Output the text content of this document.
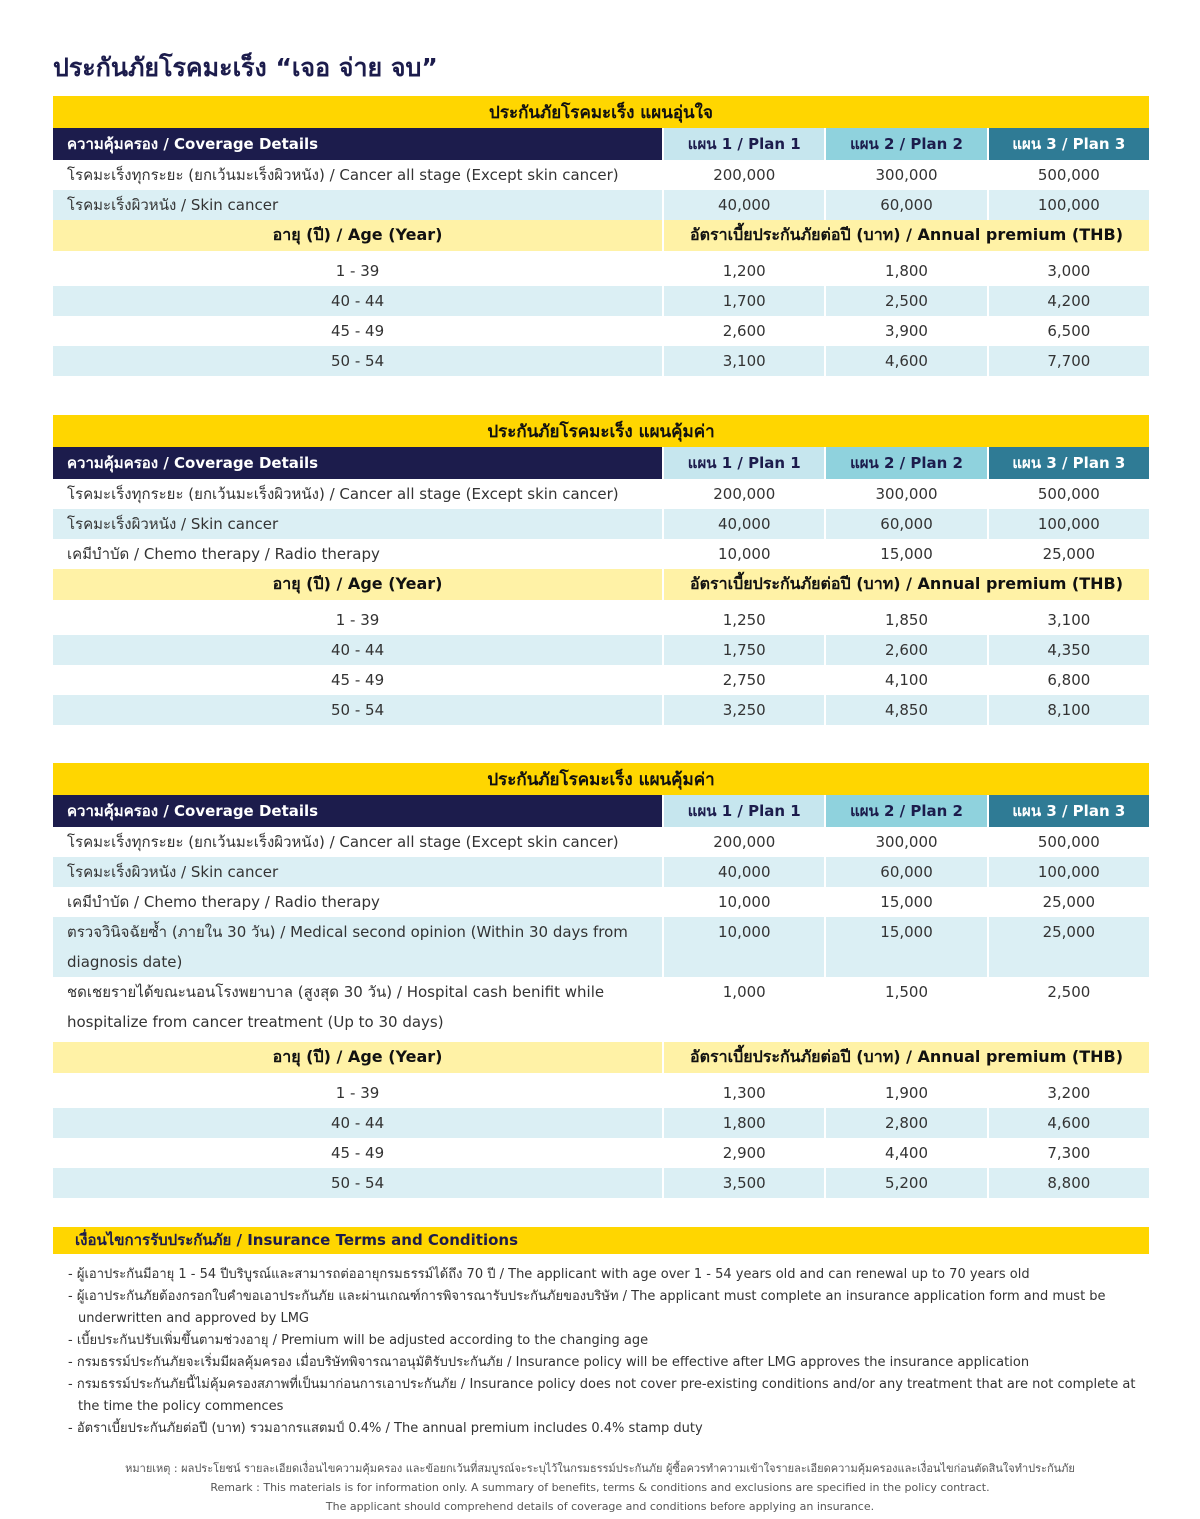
ประกันภัยโรคมะเร็ง “เจอ จ่าย จบ”
ประกันภัยโรคมะเร็ง แผนอุ่นใจ			
ความคุ้มครอง / Coverage Details	แผน 1 / Plan 1	แผน 2 / Plan 2	แผน 3 / Plan 3
โรคมะเร็งทุกระยะ (ยกเว้นมะเร็งผิวหนัง) / Cancer all stage (Except skin cancer)	200,000	300,000	500,000
โรคมะเร็งผิวหนัง / Skin cancer	40,000	60,000	100,000
อายุ (ปี) / Age (Year)	อัตราเบี้ยประกันภัยต่อปี (บาท) / Annual premium (THB)		

1 - 39	1,200	1,800	3,000
40 - 44	1,700	2,500	4,200
45 - 49	2,600	3,900	6,500
50 - 54	3,100	4,600	7,700
ประกันภัยโรคมะเร็ง แผนคุ้มค่า			
ความคุ้มครอง / Coverage Details	แผน 1 / Plan 1	แผน 2 / Plan 2	แผน 3 / Plan 3
โรคมะเร็งทุกระยะ (ยกเว้นมะเร็งผิวหนัง) / Cancer all stage (Except skin cancer)	200,000	300,000	500,000
โรคมะเร็งผิวหนัง / Skin cancer	40,000	60,000	100,000
เคมีบำบัด / Chemo therapy / Radio therapy	10,000	15,000	25,000
อายุ (ปี) / Age (Year)	อัตราเบี้ยประกันภัยต่อปี (บาท) / Annual premium (THB)		

1 - 39	1,250	1,850	3,100
40 - 44	1,750	2,600	4,350
45 - 49	2,750	4,100	6,800
50 - 54	3,250	4,850	8,100
ประกันภัยโรคมะเร็ง แผนคุ้มค่า			
ความคุ้มครอง / Coverage Details	แผน 1 / Plan 1	แผน 2 / Plan 2	แผน 3 / Plan 3
โรคมะเร็งทุกระยะ (ยกเว้นมะเร็งผิวหนัง) / Cancer all stage (Except skin cancer)	200,000	300,000	500,000
โรคมะเร็งผิวหนัง / Skin cancer	40,000	60,000	100,000
เคมีบำบัด / Chemo therapy / Radio therapy	10,000	15,000	25,000
ตรวจวินิจฉัยซ้ำ (ภายใน 30 วัน) / Medical second opinion (Within 30 days from diagnosis date)	10,000	15,000	25,000
ชดเชยรายได้ขณะนอนโรงพยาบาล (สูงสุด 30 วัน) / Hospital cash benifit while hospitalize from cancer treatment (Up to 30 days)	1,000	1,500	2,500

อายุ (ปี) / Age (Year)	อัตราเบี้ยประกันภัยต่อปี (บาท) / Annual premium (THB)		

1 - 39	1,300	1,900	3,200
40 - 44	1,800	2,800	4,600
45 - 49	2,900	4,400	7,300
50 - 54	3,500	5,200	8,800
เงื่อนไขการรับประกันภัย / Insurance Terms and Conditions
- ผู้เอาประกันมีอายุ 1 - 54 ปีบริบูรณ์และสามารถต่ออายุกรมธรรม์ได้ถึง 70 ปี / The applicant with age over 1 - 54 years old and can renewal up to 70 years old
- ผู้เอาประกันภัยต้องกรอกใบคำขอเอาประกันภัย และผ่านเกณฑ์การพิจารณารับประกันภัยของบริษัท / The applicant must complete an insurance application form and must be underwritten and approved by LMG
- เบี้ยประกันปรับเพิ่มขึ้นตามช่วงอายุ / Premium will be adjusted according to the changing age
- กรมธรรม์ประกันภัยจะเริ่มมีผลคุ้มครอง เมื่อบริษัทพิจารณาอนุมัติรับประกันภัย / Insurance policy will be effective after LMG approves the insurance application
- กรมธรรม์ประกันภัยนี้ไม่คุ้มครองสภาพที่เป็นมาก่อนการเอาประกันภัย / Insurance policy does not cover pre-existing conditions and/or any treatment that are not complete at the time the policy commences
- อัตราเบี้ยประกันภัยต่อปี (บาท) รวมอากรแสตมป์ 0.4% / The annual premium includes 0.4% stamp duty
หมายเหตุ : ผลประโยชน์ รายละเอียดเงื่อนไขความคุ้มครอง และข้อยกเว้นที่สมบูรณ์จะระบุไว้ในกรมธรรม์ประกันภัย ผู้ซื้อควรทำความเข้าใจรายละเอียดความคุ้มครองและเงื่อนไขก่อนตัดสินใจทำประกันภัย
Remark : This materials is for information only. A summary of benefits, terms & conditions and exclusions are specified in the policy contract.
The applicant should comprehend details of coverage and conditions before applying an insurance.
